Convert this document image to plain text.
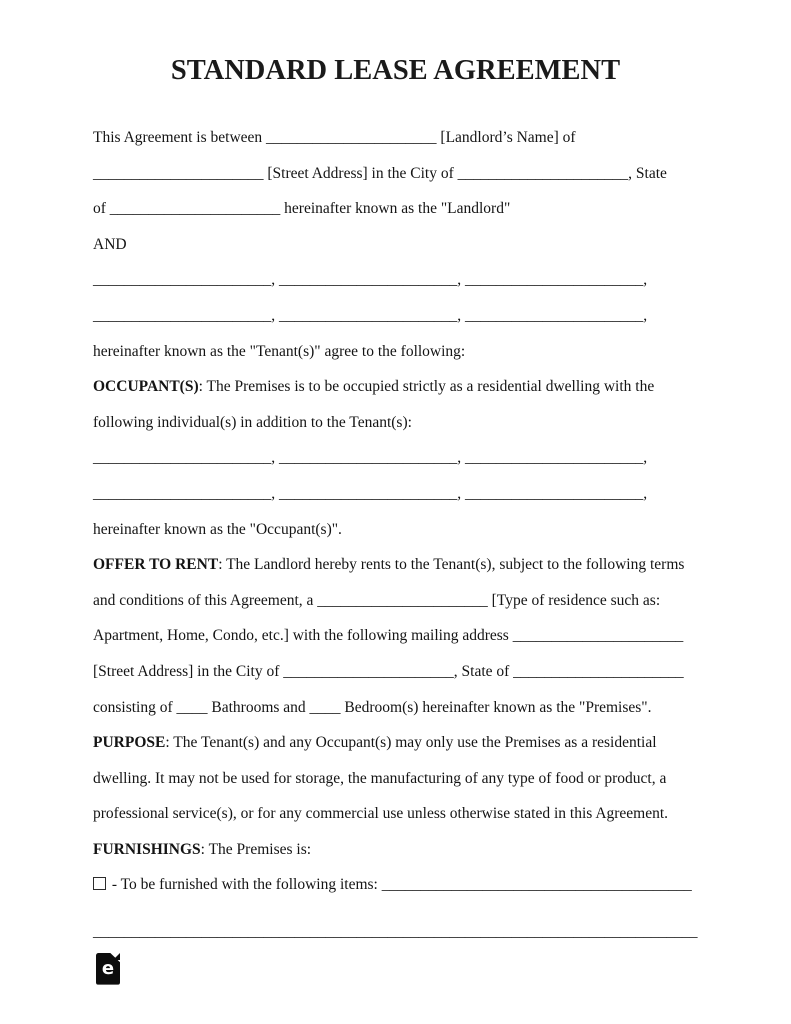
STANDARD LEASE AGREEMENT
This Agreement is between ______________________ [Landlord’s Name] of
______________________ [Street Address] in the City of ______________________, State
of ______________________ hereinafter known as the "Landlord"
AND
_______________________, _______________________, _______________________,
_______________________, _______________________, _______________________,
hereinafter known as the "Tenant(s)" agree to the following:
OCCUPANT(S): The Premises is to be occupied strictly as a residential dwelling with the
following individual(s) in addition to the Tenant(s):
_______________________, _______________________, _______________________,
_______________________, _______________________, _______________________,
hereinafter known as the "Occupant(s)".
OFFER TO RENT: The Landlord hereby rents to the Tenant(s), subject to the following terms
and conditions of this Agreement, a ______________________ [Type of residence such as:
Apartment, Home, Condo, etc.] with the following mailing address ______________________
[Street Address] in the City of ______________________, State of ______________________
consisting of ____ Bathrooms and ____ Bedroom(s) hereinafter known as the "Premises".
PURPOSE: The Tenant(s) and any Occupant(s) may only use the Premises as a residential
dwelling. It may not be used for storage, the manufacturing of any type of food or product, a
professional service(s), or for any commercial use unless otherwise stated in this Agreement.
FURNISHINGS: The Premises is:
- To be furnished with the following items: ________________________________________
______________________________________________________________________________
e
